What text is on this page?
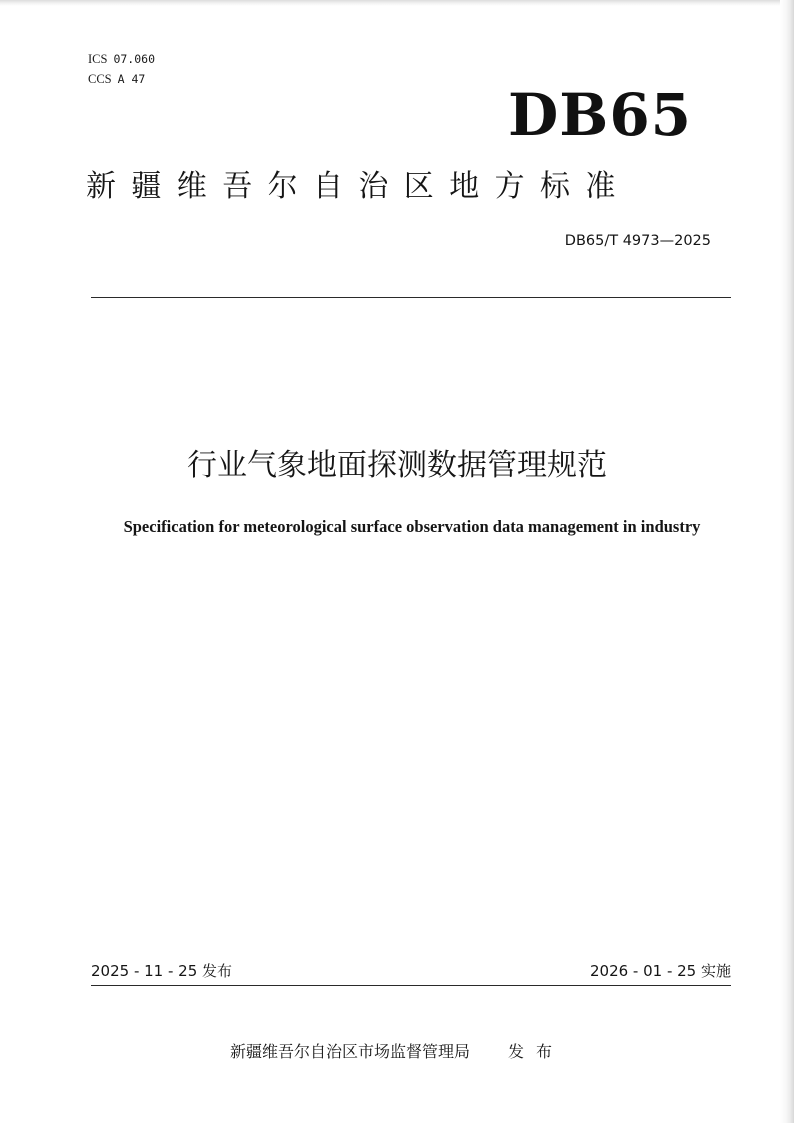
ICS 07.060
CCS A 47
DB65
新疆维吾尔自治区地方标准
DB65/T 4973—2025
行业气象地面探测数据管理规范
Specification for meteorological surface observation data management in industry
2025 - 11 - 25 发布	2026 - 01 - 25 实施
新疆维吾尔自治区市场监督管理局 发布
